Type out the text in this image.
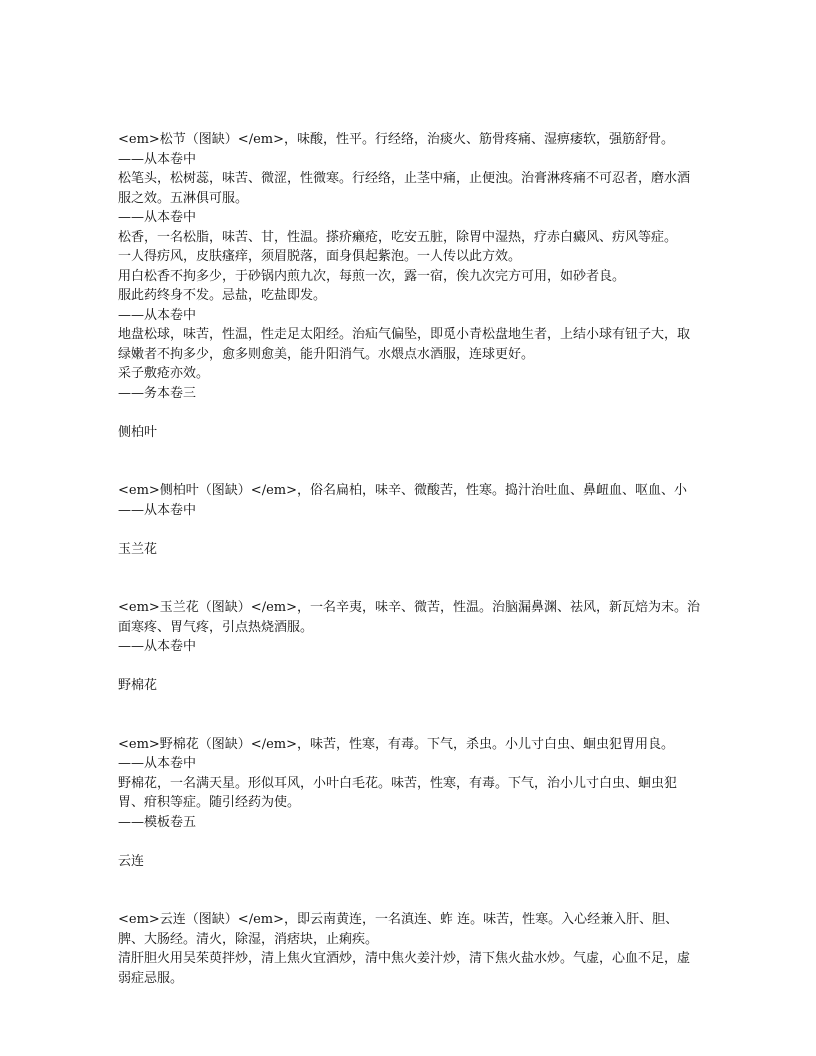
<em>松节（图缺）</em>，味酸，性平。行经络，治痰火、筋骨疼痛、湿痹痿软，强筋舒骨。

——从本卷中

松笔头，松树蕊，味苦、微涩，性微寒。行经络，止茎中痛，止便浊。治膏淋疼痛不可忍者，磨水酒服之效。五淋俱可服。

——从本卷中

松香，一名松脂，味苦、甘，性温。搽疥癞疮，吃安五脏，除胃中湿热，疗赤白癜风、疠风等症。

一人得疠风，皮肤瘙痒，须眉脱落，面身俱起紫泡。一人传以此方效。

用白松香不拘多少，于砂锅内煎九次，每煎一次，露一宿，俟九次完方可用，如砂者良。

服此药终身不发。忌盐，吃盐即发。

——从本卷中

地盘松球，味苦，性温，性走足太阳经。治疝气偏坠，即觅小青松盘地生者，上结小球有钮子大，取绿嫩者不拘多少，愈多则愈美，能升阳消气。水煨点水酒服，连球更好。

采子敷疮亦效。

——务本卷三

侧柏叶

<em>侧柏叶（图缺）</em>，俗名扁柏，味辛、微酸苦，性寒。捣汁治吐血、鼻衄血、呕血、小

——从本卷中

玉兰花

<em>玉兰花（图缺）</em>，一名辛夷，味辛、微苦，性温。治脑漏鼻渊、祛风，新瓦焙为末。治面寒疼、胃气疼，引点热烧酒服。

——从本卷中

野棉花

<em>野棉花（图缺）</em>，味苦，性寒，有毒。下气，杀虫。小儿寸白虫、蛔虫犯胃用良。

——从本卷中

野棉花，一名满天星。形似耳风，小叶白毛花。味苦，性寒，有毒。下气，治小儿寸白虫、蛔虫犯胃、疳积等症。随引经药为使。

——模板卷五

云连

<em>云连（图缺）</em>，即云南黄连，一名滇连、蚱 连。味苦，性寒。入心经兼入肝、胆、脾、大肠经。清火，除湿，消痞块，止痢疾。

清肝胆火用吴茱萸拌炒，清上焦火宜酒炒，清中焦火姜汁炒，清下焦火盐水炒。气虚，心血不足，虚弱症忌服。
